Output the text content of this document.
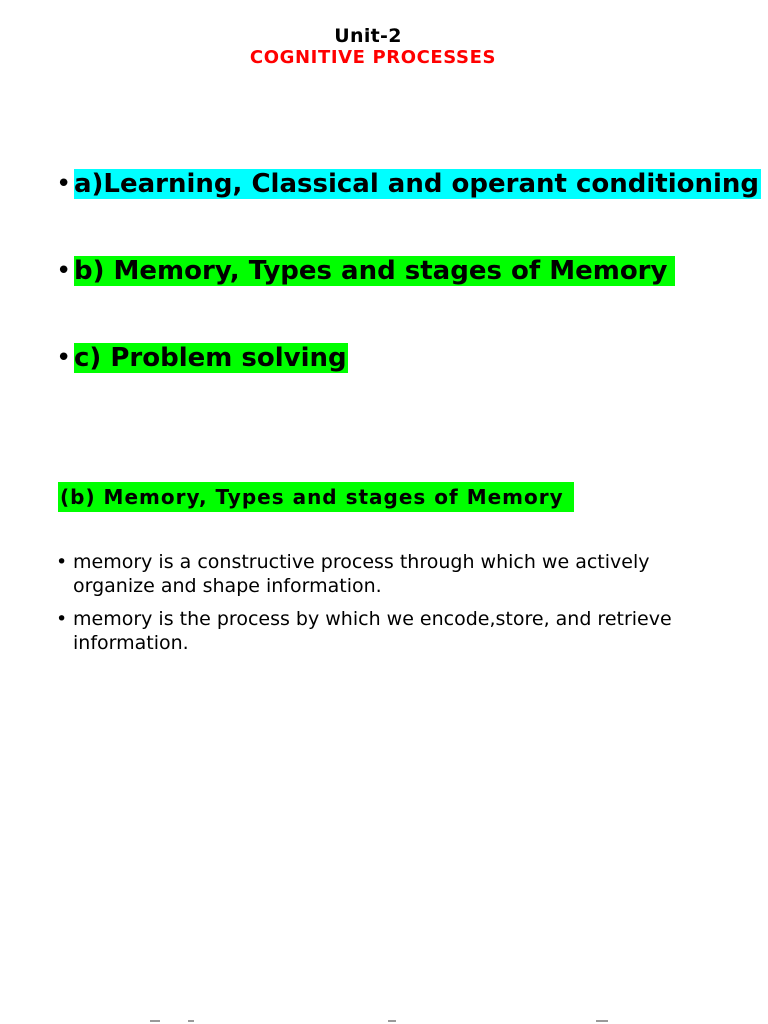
Unit-2
COGNITIVE PROCESSES
• a)Learning, Classical and operant conditioning
• b) Memory, Types and stages of Memory
• c) Problem solving
(b) Memory, Types and stages of Memory
• memory is a constructive process through which we actively organize and shape information.
• memory is the process by which we encode,store, and retrieve information.
